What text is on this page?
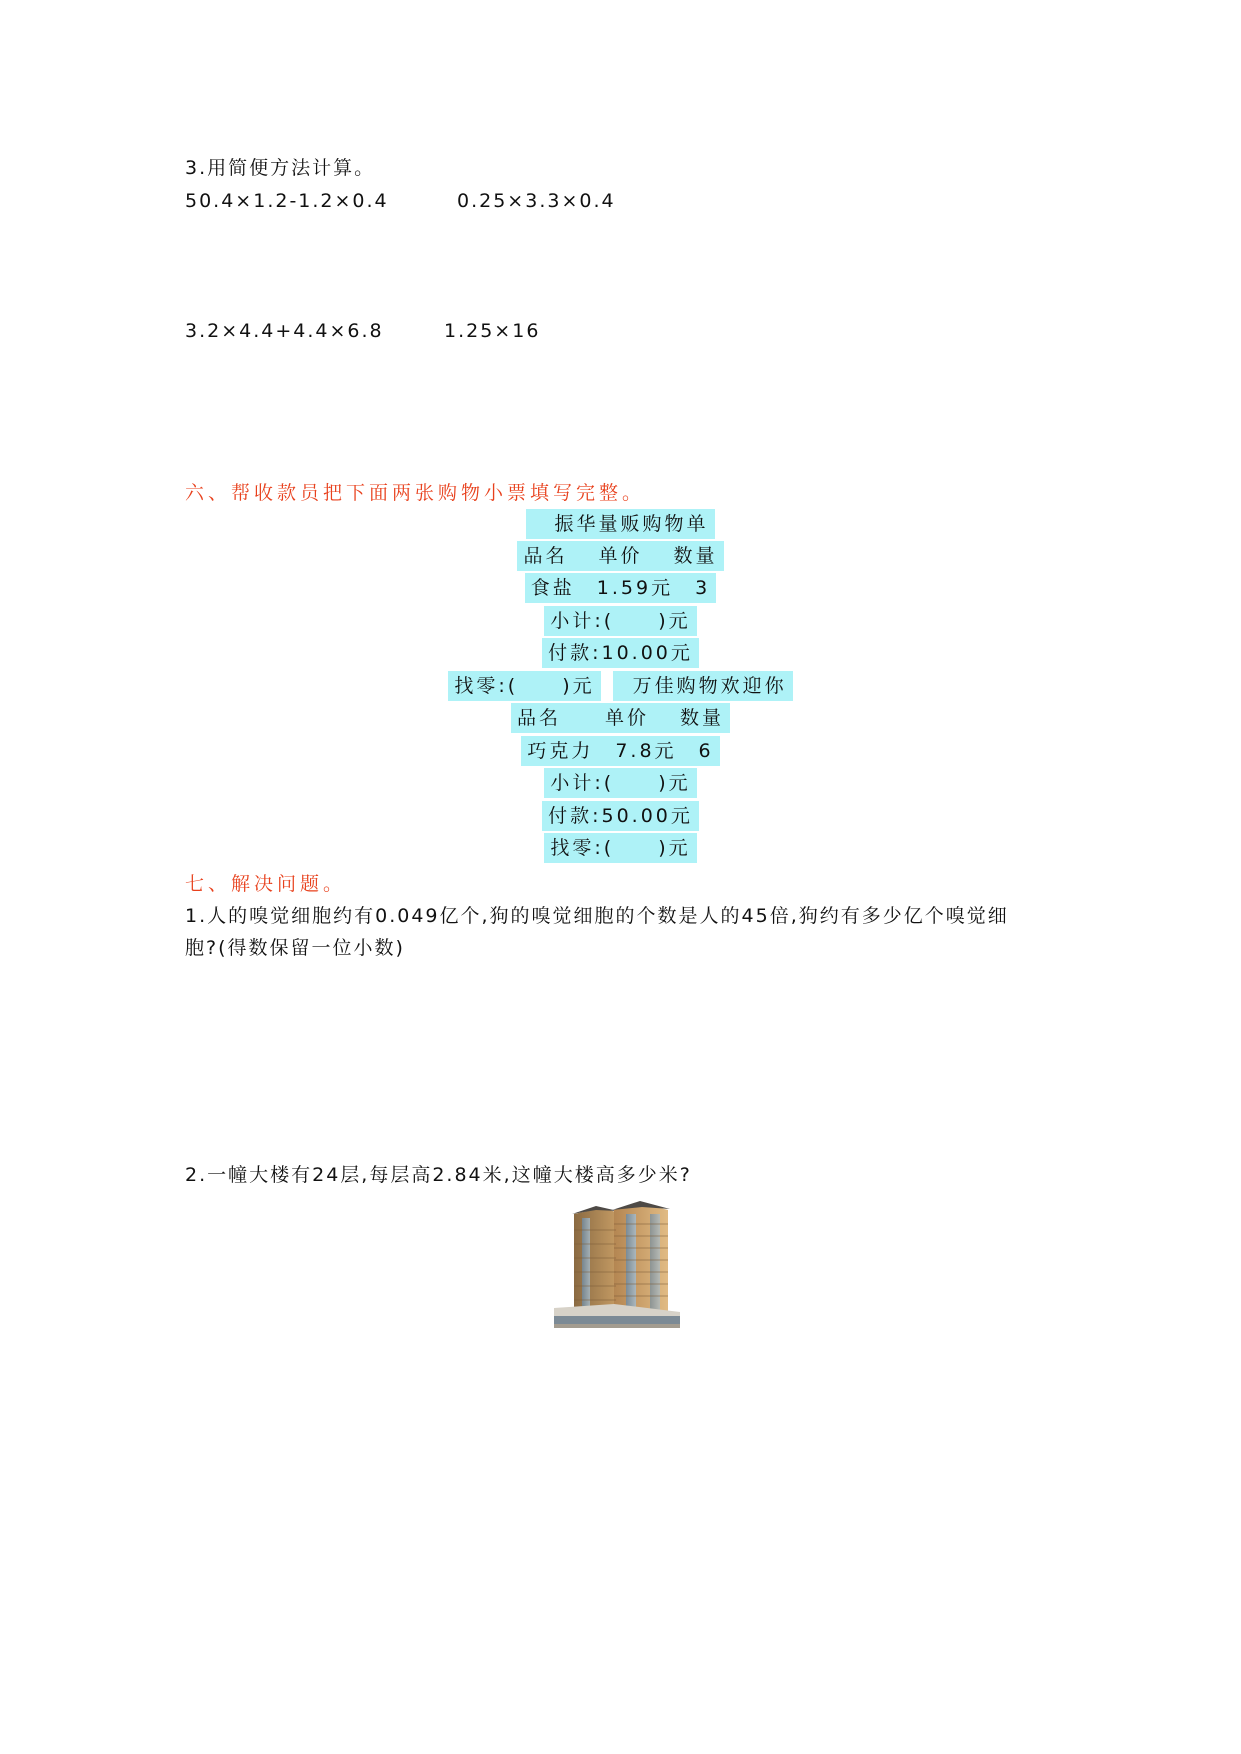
3.用简便方法计算。
50.4×1.2-1.2×0.4	0.25×3.3×0.4
3.2×4.4+4.4×6.8	1.25×16
六、帮收款员把下面两张购物小票填写完整。
振华量贩购物单
品名　 单价　 数量
食盐　1.59元　3
小计:(　　)元
付款:10.00元
找零:(　　)元 万佳购物欢迎你
品名　　单价　 数量
巧克力　7.8元　6
小计:(　　)元
付款:50.00元
找零:(　　)元
七、解决问题。
1.人的嗅觉细胞约有0.049亿个,狗的嗅觉细胞的个数是人的45倍,狗约有多少亿个嗅觉细
胞?(得数保留一位小数)
2.一幢大楼有24层,每层高2.84米,这幢大楼高多少米?
